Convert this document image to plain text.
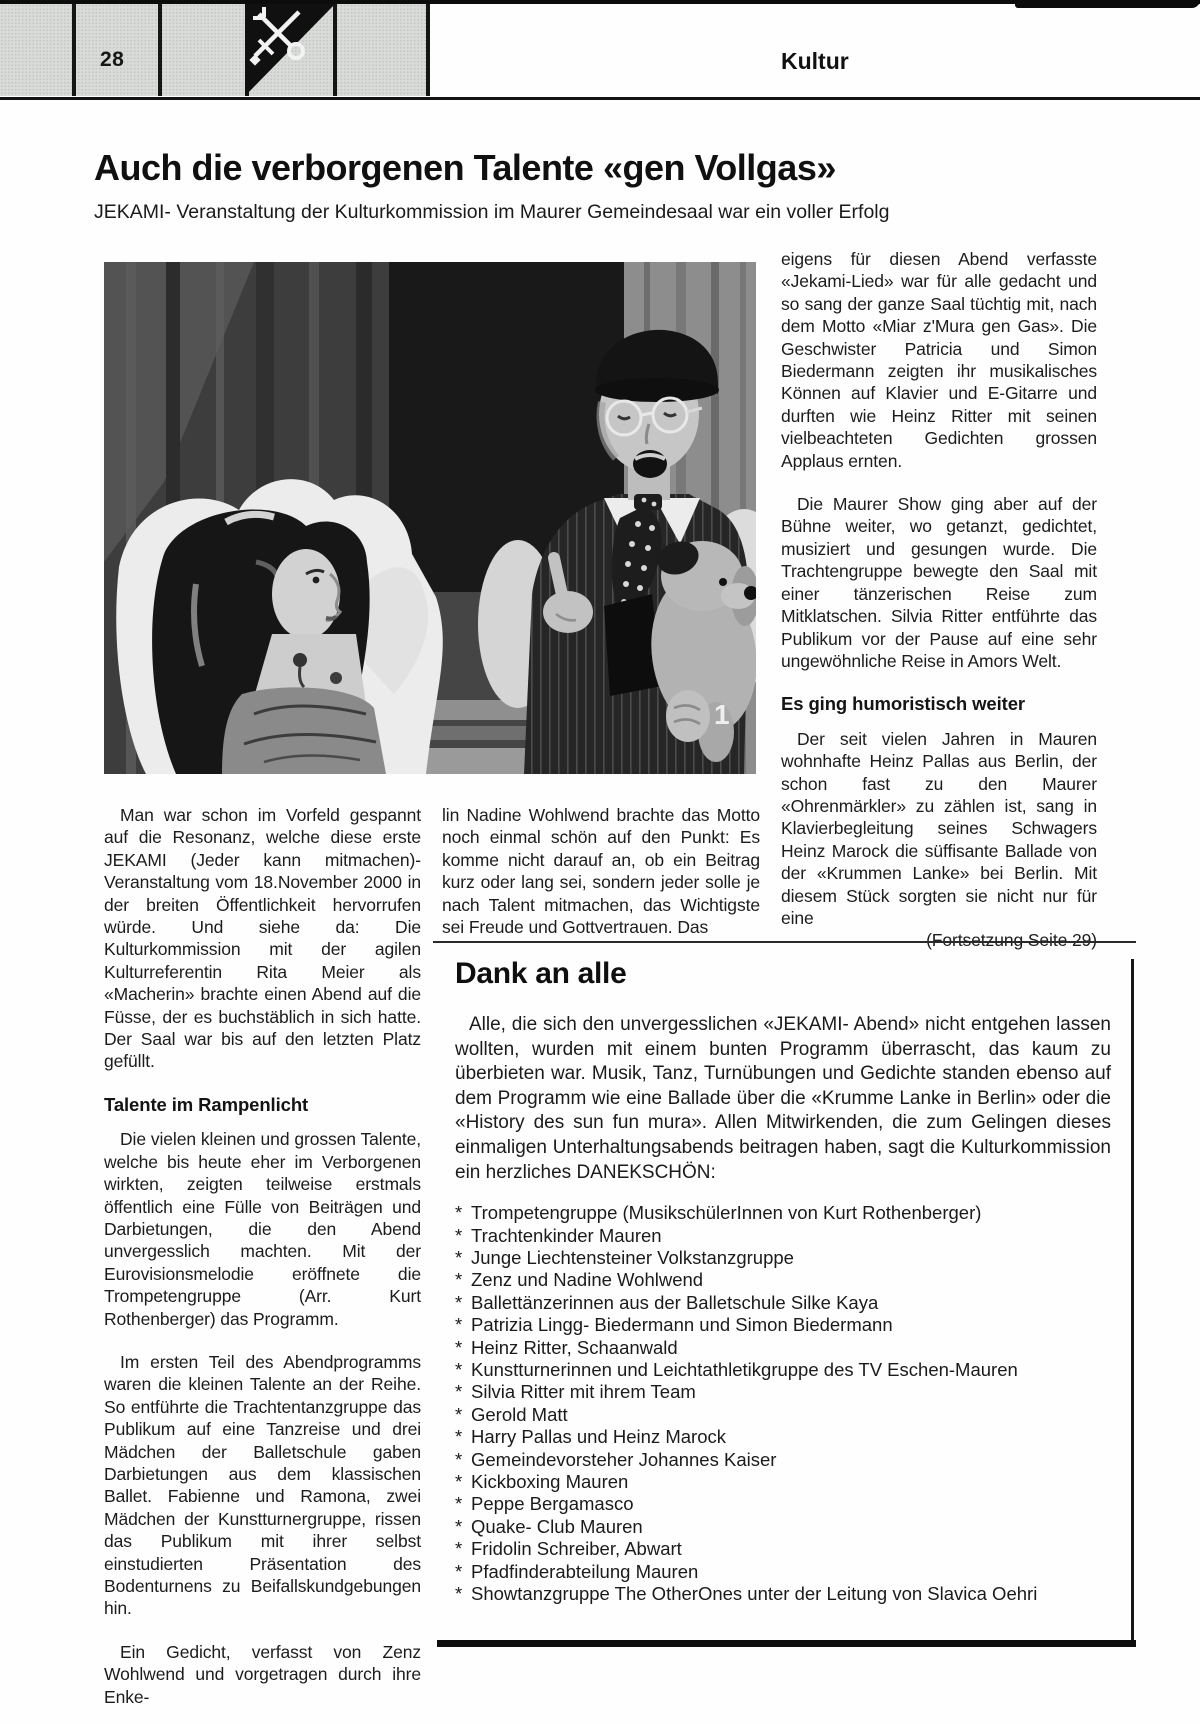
28	Kultur
Auch die verborgenen Talente «gen Vollgas»
JEKAMI- Veranstaltung der Kulturkommission im Maurer Gemeindesaal war ein voller Erfolg
1

eigens für diesen Abend verfasste «Jekami-Lied» war für alle gedacht und so sang der ganze Saal tüchtig mit, nach dem Motto «Miar z'Mura gen Gas». Die Geschwister Patricia und Simon Biedermann zeigten ihr musikalisches Können auf Klavier und E-Gitarre und durften wie Heinz Ritter mit seinen vielbeachteten Gedichten grossen Applaus ernten.

Die Maurer Show ging aber auf der Bühne weiter, wo getanzt, gedichtet, musiziert und gesungen wurde. Die Trachtengruppe bewegte den Saal mit einer tänzerischen Reise zum Mitklatschen. Silvia Ritter entführte das Publikum vor der Pause auf eine sehr ungewöhnliche Reise in Amors Welt.

Es ging humoristisch weiter

Der seit vielen Jahren in Mauren wohnhafte Heinz Pallas aus Berlin, der schon fast zu den Maurer «Ohrenmärkler» zu zählen ist, sang in Klavierbegleitung seines Schwagers Heinz Marock die süffisante Ballade von der «Krummen Lanke» bei Berlin. Mit diesem Stück sorgten sie nicht nur für eine

Man war schon im Vorfeld gespannt auf die Resonanz, welche diese erste JEKAMI (Jeder kann mitmachen)-Veranstaltung vom 18.November 2000 in der breiten Öffentlichkeit hervorrufen würde. Und siehe da: Die Kulturkommission mit der agilen Kulturreferentin Rita Meier als «Macherin» brachte einen Abend auf die Füsse, der es buchstäblich in sich hatte. Der Saal war bis auf den letzten Platz gefüllt.

Talente im Rampenlicht

Die vielen kleinen und grossen Talente, welche bis heute eher im Verborgenen wirkten, zeigten teilweise erstmals öffentlich eine Fülle von Beiträgen und Darbietungen, die den Abend unvergesslich machten. Mit der Eurovisionsmelodie eröffnete die Trompetengruppe (Arr. Kurt Rothenberger) das Programm.

Im ersten Teil des Abendprogramms waren die kleinen Talente an der Reihe. So entführte die Trachtentanzgruppe das Publikum auf eine Tanzreise und drei Mädchen der Balletschule gaben Darbietungen aus dem klassischen Ballet. Fabienne und Ramona, zwei Mädchen der Kunstturnergruppe, rissen das Publikum mit ihrer selbst einstudierten Präsentation des Bodenturnens zu Beifallskundgebungen hin.

Ein Gedicht, verfasst von Zenz Wohlwend und vorgetragen durch ihre Enke-

lin Nadine Wohlwend brachte das Motto noch einmal schön auf den Punkt: Es komme nicht darauf an, ob ein Beitrag kurz oder lang sei, sondern jeder solle je nach Talent mitmachen, das Wichtigste sei Freude und Gottvertrauen. Das

Dank an alle

Alle, die sich den unvergesslichen «JEKAMI- Abend» nicht entgehen lassen wollten, wurden mit einem bunten Programm überrascht, das kaum zu überbieten war. Musik, Tanz, Turnübungen und Gedichte standen ebenso auf dem Programm wie eine Ballade über die «Krumme Lanke in Berlin» oder die «History des sun fun mura». Allen Mitwirkenden, die zum Gelingen dieses einmaligen Unterhaltungsabends beitragen haben, sagt die Kulturkommission ein herzliches DANEKSCHÖN:

* Trompetengruppe (MusikschülerInnen von Kurt Rothenberger)
* Trachtenkinder Mauren
* Junge Liechtensteiner Volkstanzgruppe
* Zenz und Nadine Wohlwend
* Ballettänzerinnen aus der Balletschule Silke Kaya
* Patrizia Lingg- Biedermann und Simon Biedermann
* Heinz Ritter, Schaanwald
* Kunstturnerinnen und Leichtathletikgruppe des TV Eschen-Mauren
* Silvia Ritter mit ihrem Team
* Gerold Matt
* Harry Pallas und Heinz Marock
* Gemeindevorsteher Johannes Kaiser
* Kickboxing Mauren
* Peppe Bergamasco
* Quake- Club Mauren
* Fridolin Schreiber, Abwart
* Pfadfinderabteilung Mauren
* Showtanzgruppe The OtherOnes unter der Leitung von Slavica Oehri
